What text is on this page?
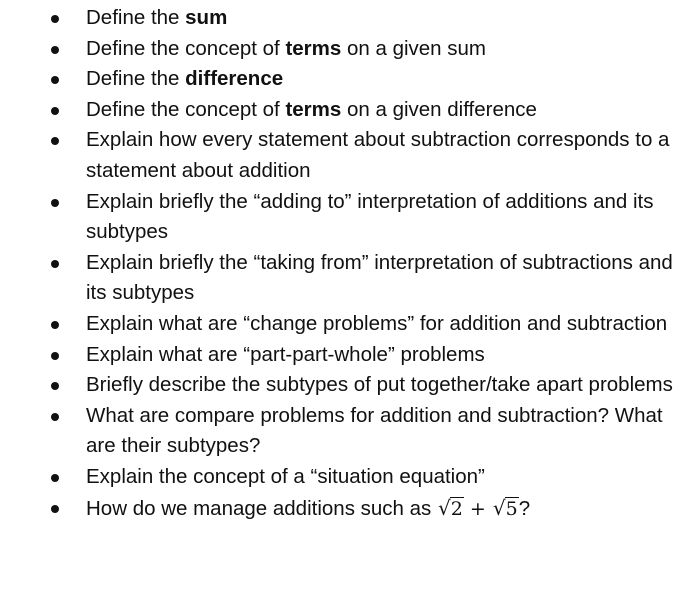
Define the sum
Define the concept of terms on a given sum
Define the difference
Define the concept of terms on a given difference
Explain how every statement about subtraction corresponds to a statement about addition
Explain briefly the “adding to” interpretation of additions and its subtypes
Explain briefly the “taking from” interpretation of subtractions and its subtypes
Explain what are “change problems” for addition and subtraction
Explain what are “part-part-whole” problems
Briefly describe the subtypes of put together/take apart problems
What are compare problems for addition and subtraction? What are their subtypes?
Explain the concept of a “situation equation”
How do we manage additions such as √2 + √5?
